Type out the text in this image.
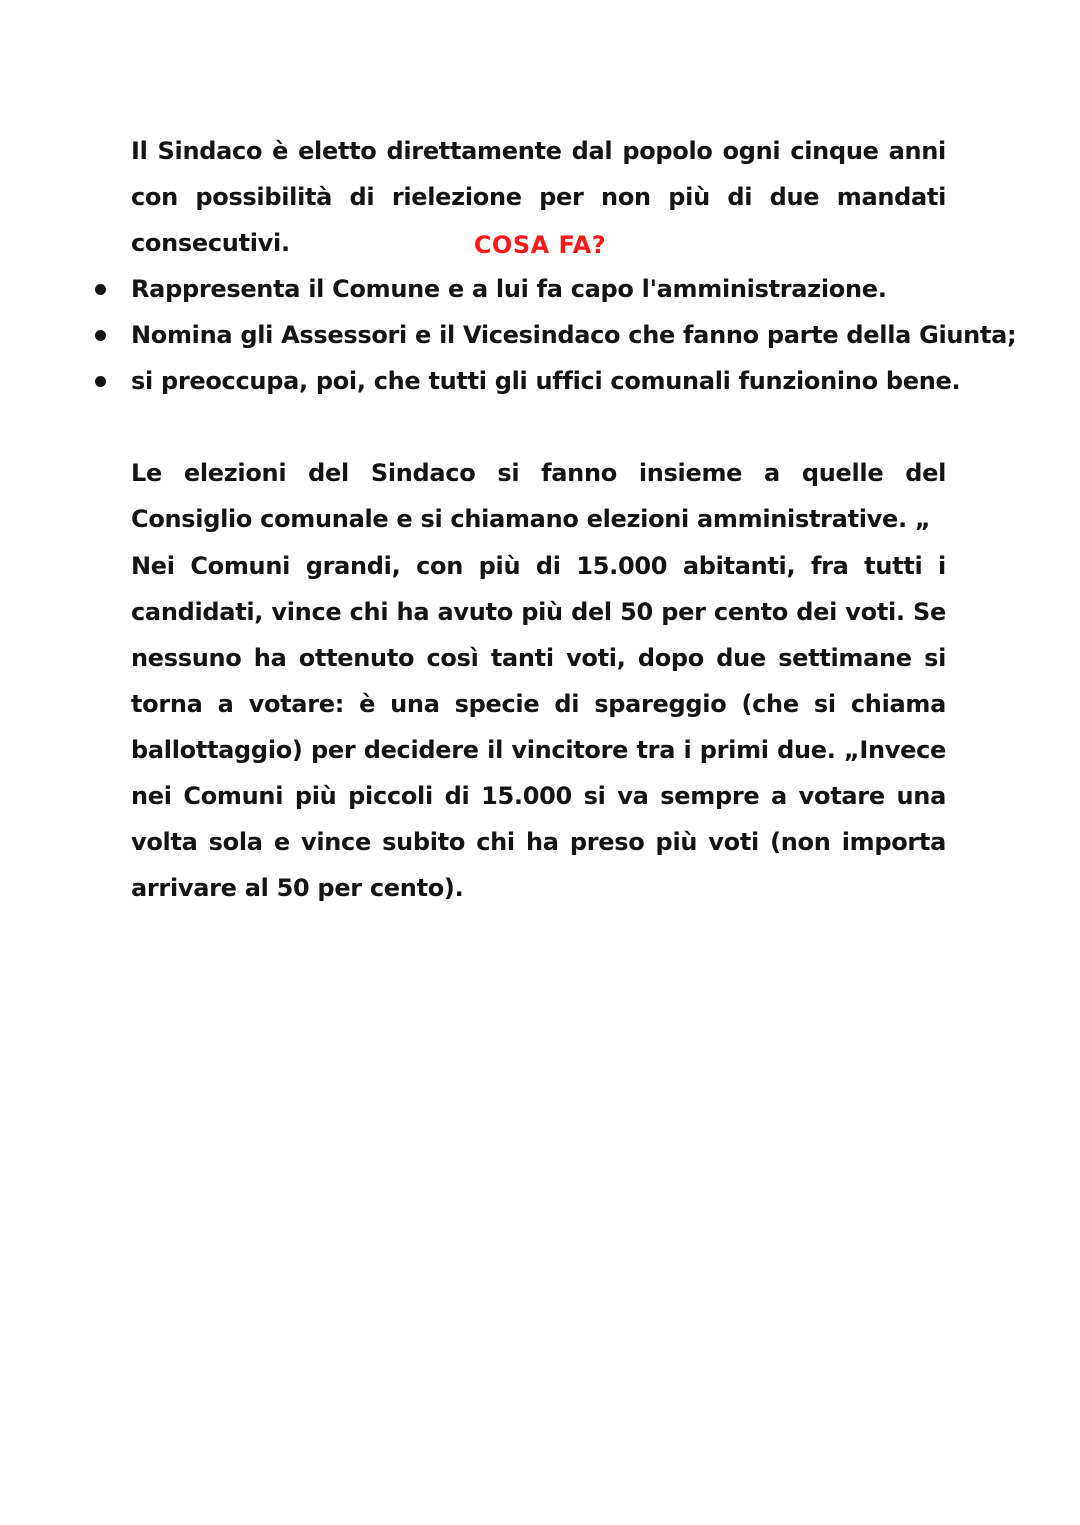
Il Sindaco è eletto direttamente dal popolo ogni cinque anni con possibilità di rielezione per non più di due mandati consecutivi.	COSA FA?
Rappresenta il Comune e a lui fa capo l'amministrazione.
Nomina gli Assessori e il Vicesindaco che fanno parte della Giunta;
si preoccupa, poi, che tutti gli uffici comunali funzionino bene.

Le elezioni del Sindaco si fanno insieme a quelle del Consiglio comunale e si chiamano elezioni amministrative. „

Nei Comuni grandi, con più di 15.000 abitanti, fra tutti i candidati, vince chi ha avuto più del 50 per cento dei voti. Se nessuno ha ottenuto così tanti voti, dopo due settimane si torna a votare: è una specie di spareggio (che si chiama ballottaggio) per decidere il vincitore tra i primi due. „Invece nei Comuni più piccoli di 15.000 si va sempre a votare una volta sola e vince subito chi ha preso più voti (non importa arrivare al 50 per cento).
